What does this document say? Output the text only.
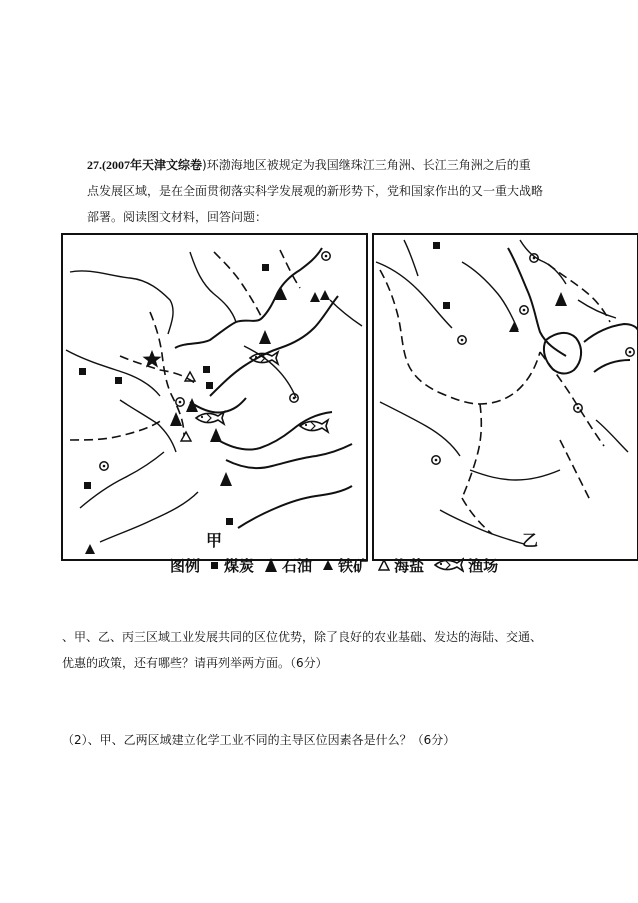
27.(2007年天津文综卷)环渤海地区被规定为我国继珠江三角洲、长江三角洲之后的重
点发展区域，是在全面贯彻落实科学发展观的新形势下，党和国家作出的又一重大战略
部署。阅读图文材料，回答问题：
甲	乙
图例 煤炭 石油 铁矿 海盐	渔场
、甲、乙、丙三区域工业发展共同的区位优势，除了良好的农业基础、发达的海陆、交通、
优惠的政策，还有哪些？请再列举两方面。（6分）
（2）、甲、乙两区域建立化学工业不同的主导区位因素各是什么？（6分）
